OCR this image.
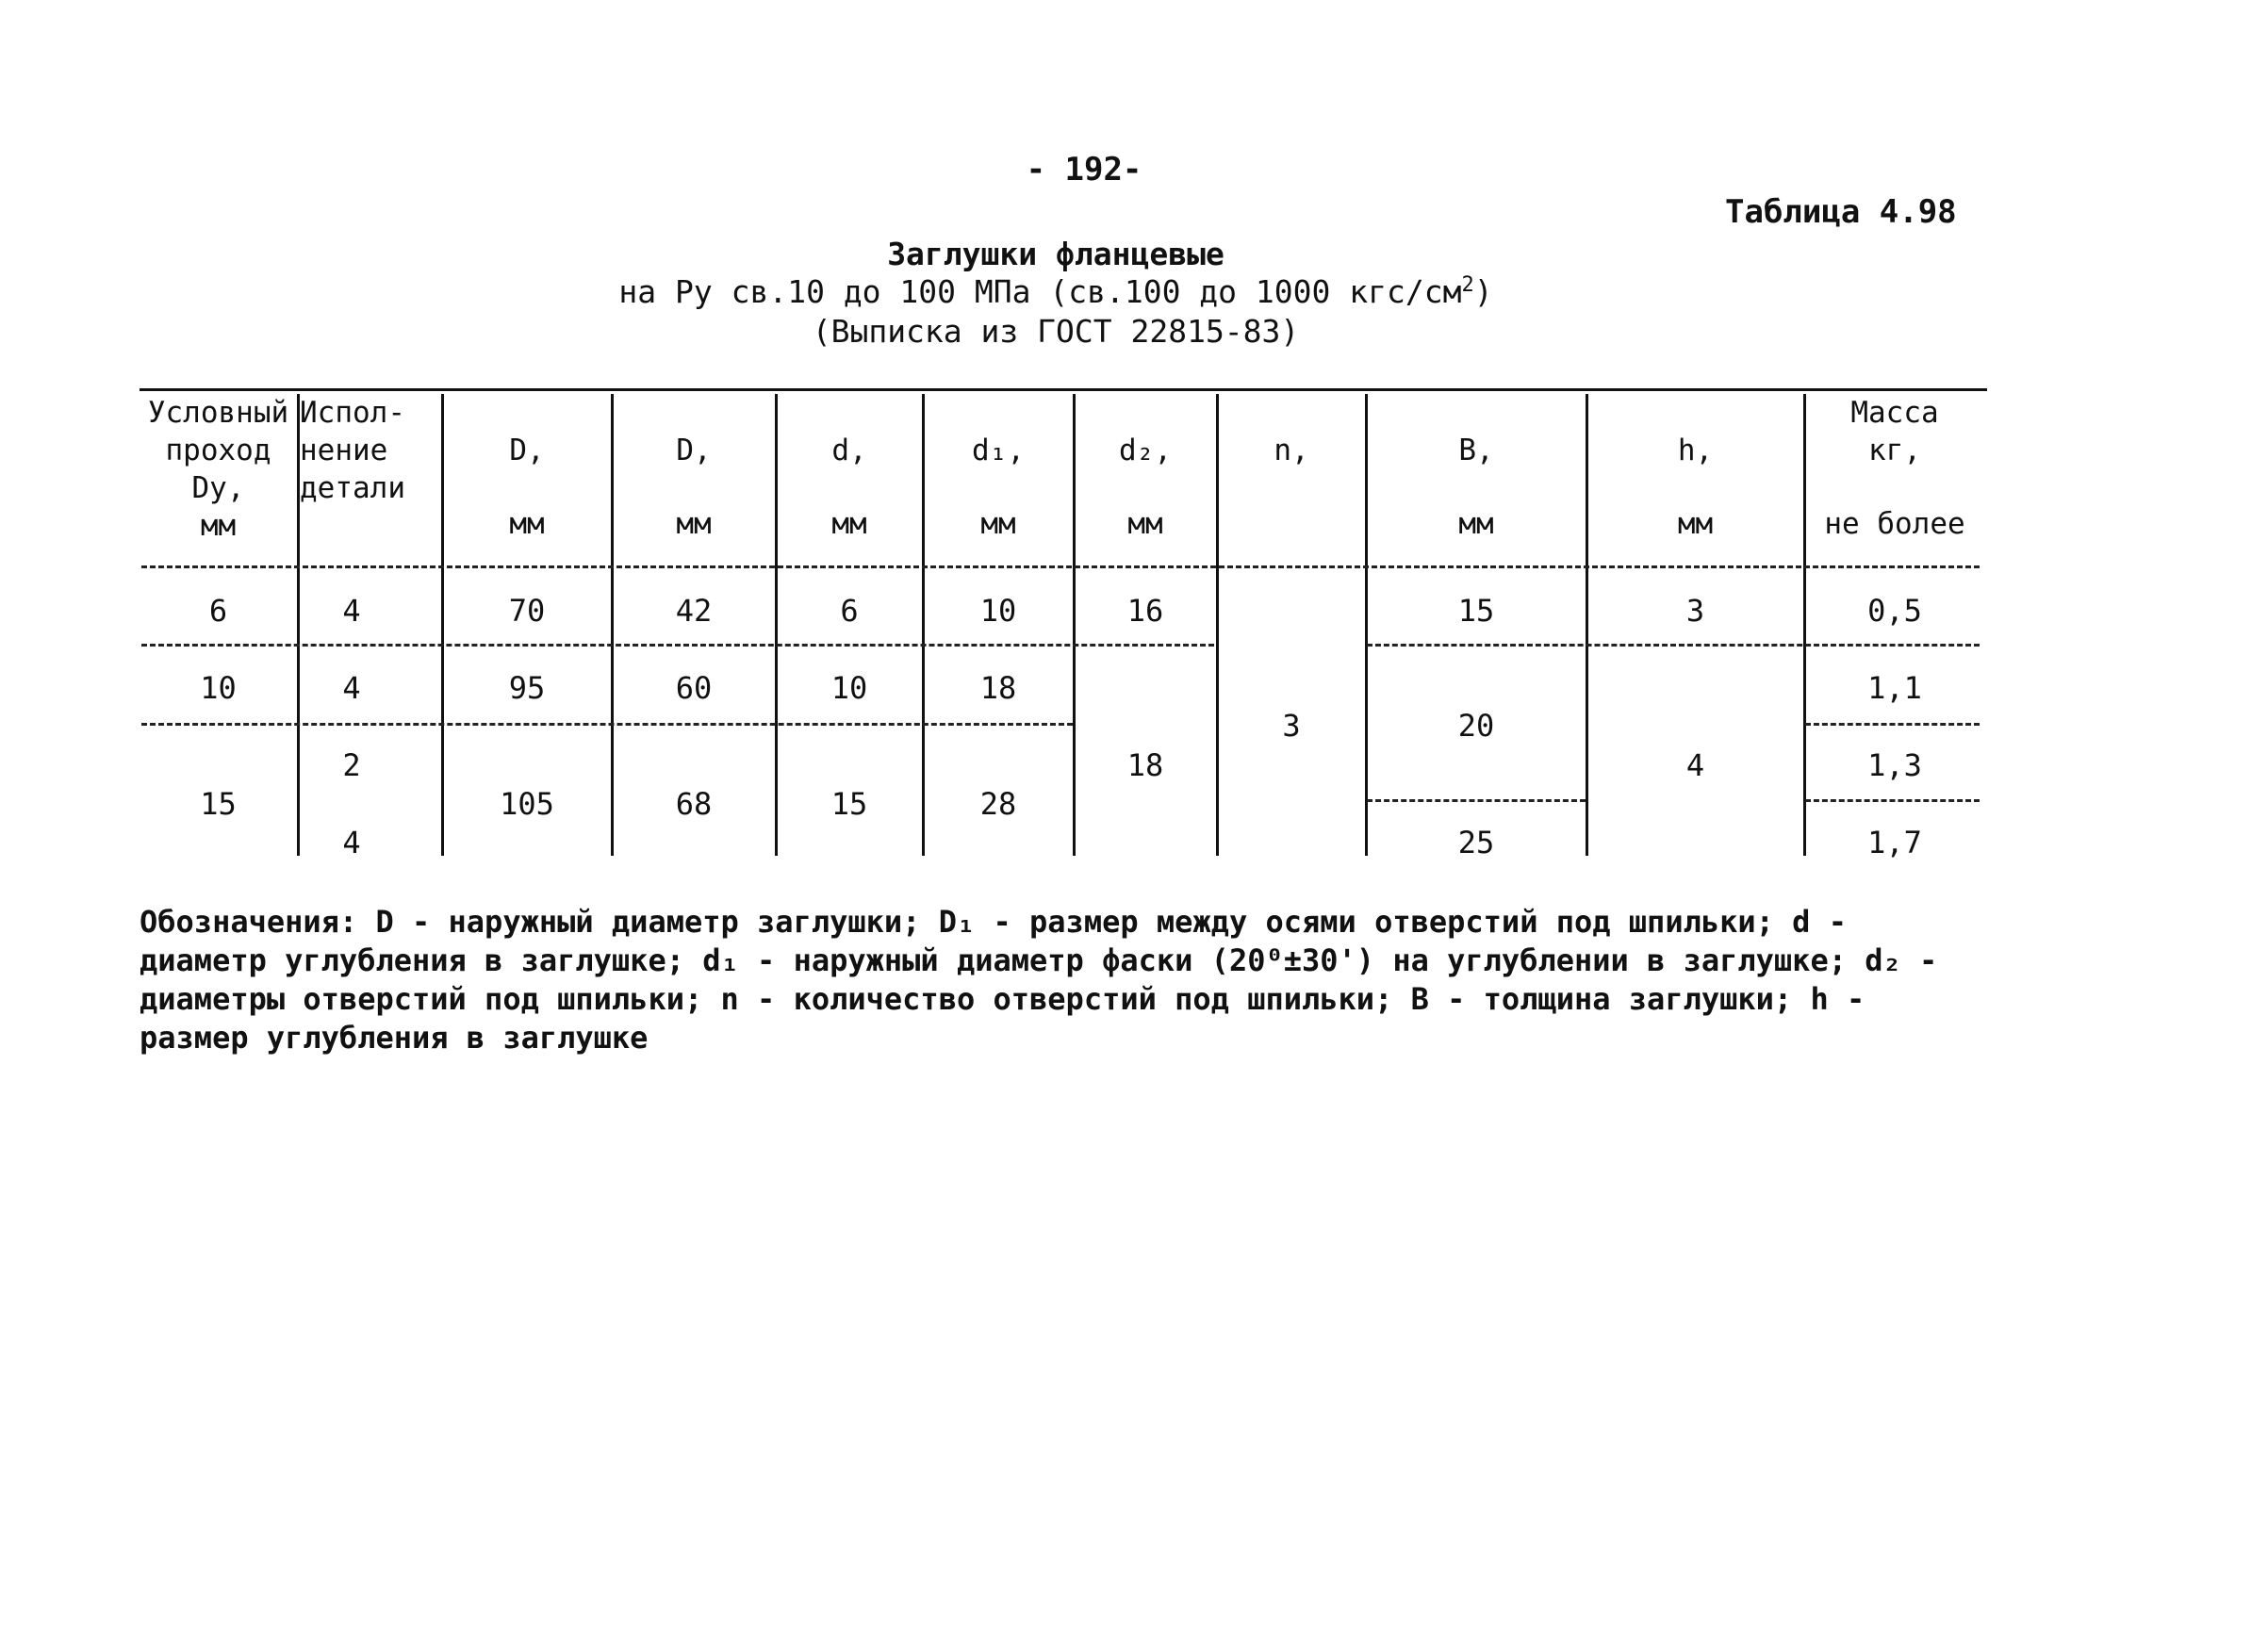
- 192-
Таблица 4.98
Заглушки фланцевые
на Ру св.10 до 100 МПа (св.100 до 1000 кгс/$см^2$)
(Выписка из ГОСТ 22815-83)
Условный
проход
Dy,
мм
Испол-
нение
детали
D,
мм
D,
мм
d,
мм
d₁,
мм
d₂,
мм
n,	B,
мм
h,
мм
Масса
кг,
не более
6
10
15
4
4
2
4
70
95
105
42
60
68
6
10
15
10
18
28
16
18
3
15
20
25
3
4
0,5
1,1
1,3
1,7
Обозначения: D - наружный диаметр заглушки; D₁ - размер между осями отверстий под шпильки; d - диаметр углубления в заглушке; d₁ - наружный диаметр фаски (20⁰±30') на углублении в заглушке; d₂ - диаметры отверстий под шпильки; n - количество отверстий под шпильки; B - толщина заглушки; h - размер углубления в заглушке
